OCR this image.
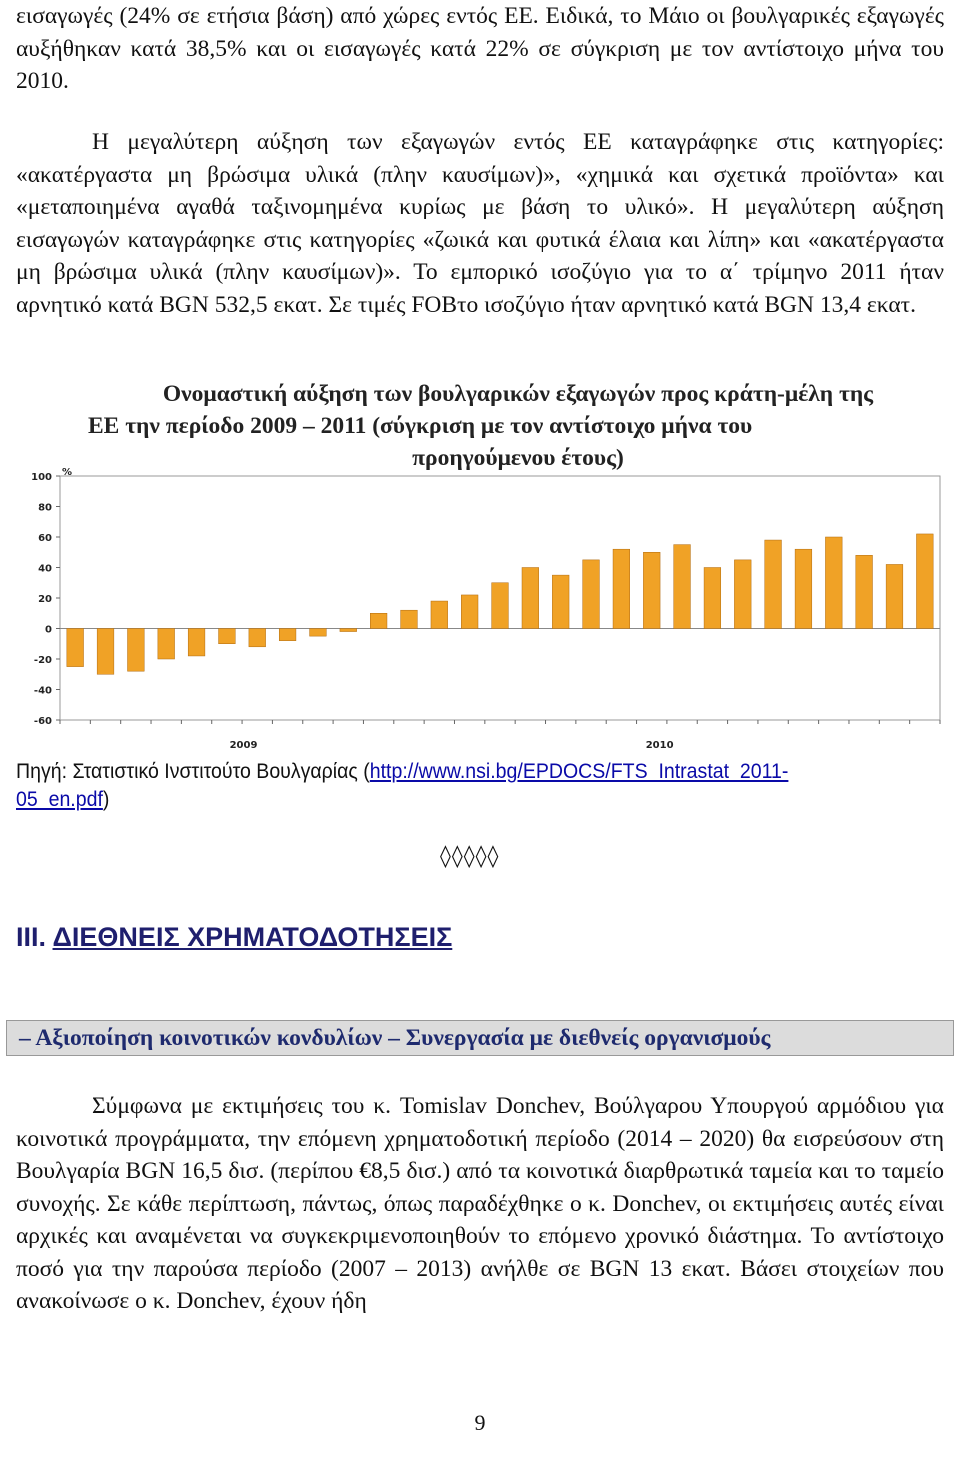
εισαγωγές (24% σε ετήσια βάση) από χώρες εντός ΕΕ. Ειδικά, το Μάιο οι βουλγαρικές εξαγωγές αυξήθηκαν κατά 38,5% και οι εισαγωγές κατά 22% σε σύγκριση με τον αντίστοιχο μήνα του 2010.

Η μεγαλύτερη αύξηση των εξαγωγών εντός ΕΕ καταγράφηκε στις κατηγορίες: «ακατέργαστα μη βρώσιμα υλικά (πλην καυσίμων)», «χημικά και σχετικά προϊόντα» και «μεταποιημένα αγαθά ταξινομημένα κυρίως με βάση το υλικό». Η μεγαλύτερη αύξηση εισαγωγών καταγράφηκε στις κατηγορίες «ζωικά και φυτικά έλαια και λίπη» και «ακατέργαστα μη βρώσιμα υλικά (πλην καυσίμων)». Το εμπορικό ισοζύγιο για το α΄ τρίμηνο 2011 ήταν αρνητικό κατά BGN 532,5 εκατ. Σε τιμές FOBτο ισοζύγιο ήταν αρνητικό κατά BGN 13,4 εκατ.

Ονομαστική αύξηση των βουλγαρικών εξαγωγών προς κράτη-μέλη της
ΕΕ την περίοδο 2009 – 2011 (σύγκριση με τον αντίστοιχο μήνα του
προηγούμενου έτους)
%
100
80
60
40
20
0
-20
-40
-60
2009	2010
Πηγή: Στατιστικό Ινστιτούτο Βουλγαρίας (http://www.nsi.bg/EPDOCS/FTS_Intrastat_2011-05_en.pdf)
◊◊◊◊◊
ΙΙΙ. ΔΙΕΘΝΕΙΣ ΧΡΗΜΑΤΟΔΟΤΗΣΕΙΣ
– Αξιοποίηση κοινοτικών κονδυλίων – Συνεργασία με διεθνείς οργανισμούς

Σύμφωνα με εκτιμήσεις του κ. Tomislav Donchev, Βούλγαρου Υπουργού αρμόδιου για κοινοτικά προγράμματα, την επόμενη χρηματοδοτική περίοδο (2014 – 2020) θα εισρεύσουν στη Βουλγαρία BGN 16,5 δισ. (περίπου €8,5 δισ.) από τα κοινοτικά διαρθρωτικά ταμεία και το ταμείο συνοχής. Σε κάθε περίπτωση, πάντως, όπως παραδέχθηκε ο κ. Donchev, οι εκτιμήσεις αυτές είναι αρχικές και αναμένεται να συγκεκριμενοποιηθούν το επόμενο χρονικό διάστημα. Το αντίστοιχο ποσό για την παρούσα περίοδο (2007 – 2013) ανήλθε σε BGN 13 εκατ. Βάσει στοιχείων που ανακοίνωσε ο κ. Donchev, έχουν ήδη

9
